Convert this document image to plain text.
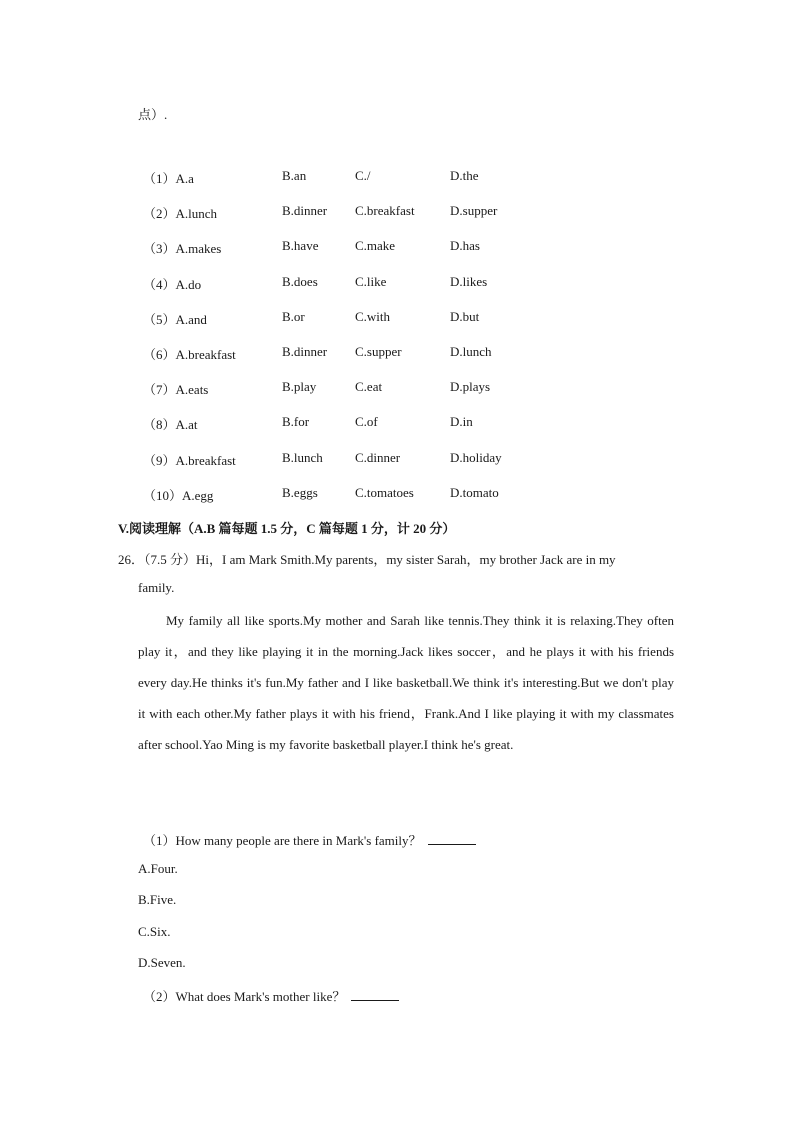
点）.
（1）A.a	B.an	C./	D.the
（2）A.lunch	B.dinner C.breakfast	D.supper
（3）A.makes	B.have	C.make	D.has
（4）A.do	B.does	C.like	D.likes
（5）A.and	B.or	C.with	D.but
（6）A.breakfast	B.dinner C.supper	D.lunch
（7）A.eats	B.play	C.eat	D.plays
（8）A.at	B.for	C.of	D.in
（9）A.breakfast	B.lunch C.dinner	D.holiday
（10）A.egg	B.eggs	C.tomatoes	D.tomato
V.阅读理解（A.B 篇每题 1.5 分，C 篇每题 1 分，计 20 分）
26．（7.5 分）Hi，I am Mark Smith.My parents，my sister Sarah，my brother Jack are in my
family.
My family all like sports.My mother and Sarah like tennis.They think it is relaxing.They often play it，and they like playing it in the morning.Jack likes soccer，and he plays it with his friends every day.He thinks it's fun.My father and I like basketball.We think it's interesting.But we don't play it with each other.My father plays it with his friend，Frank.And I like playing it with my classmates after school.Yao Ming is my favorite basketball player.I think he's great.
（1）How many people are there in Mark's family？
A.Four.
B.Five.
C.Six.
D.Seven.
（2）What does Mark's mother like？
